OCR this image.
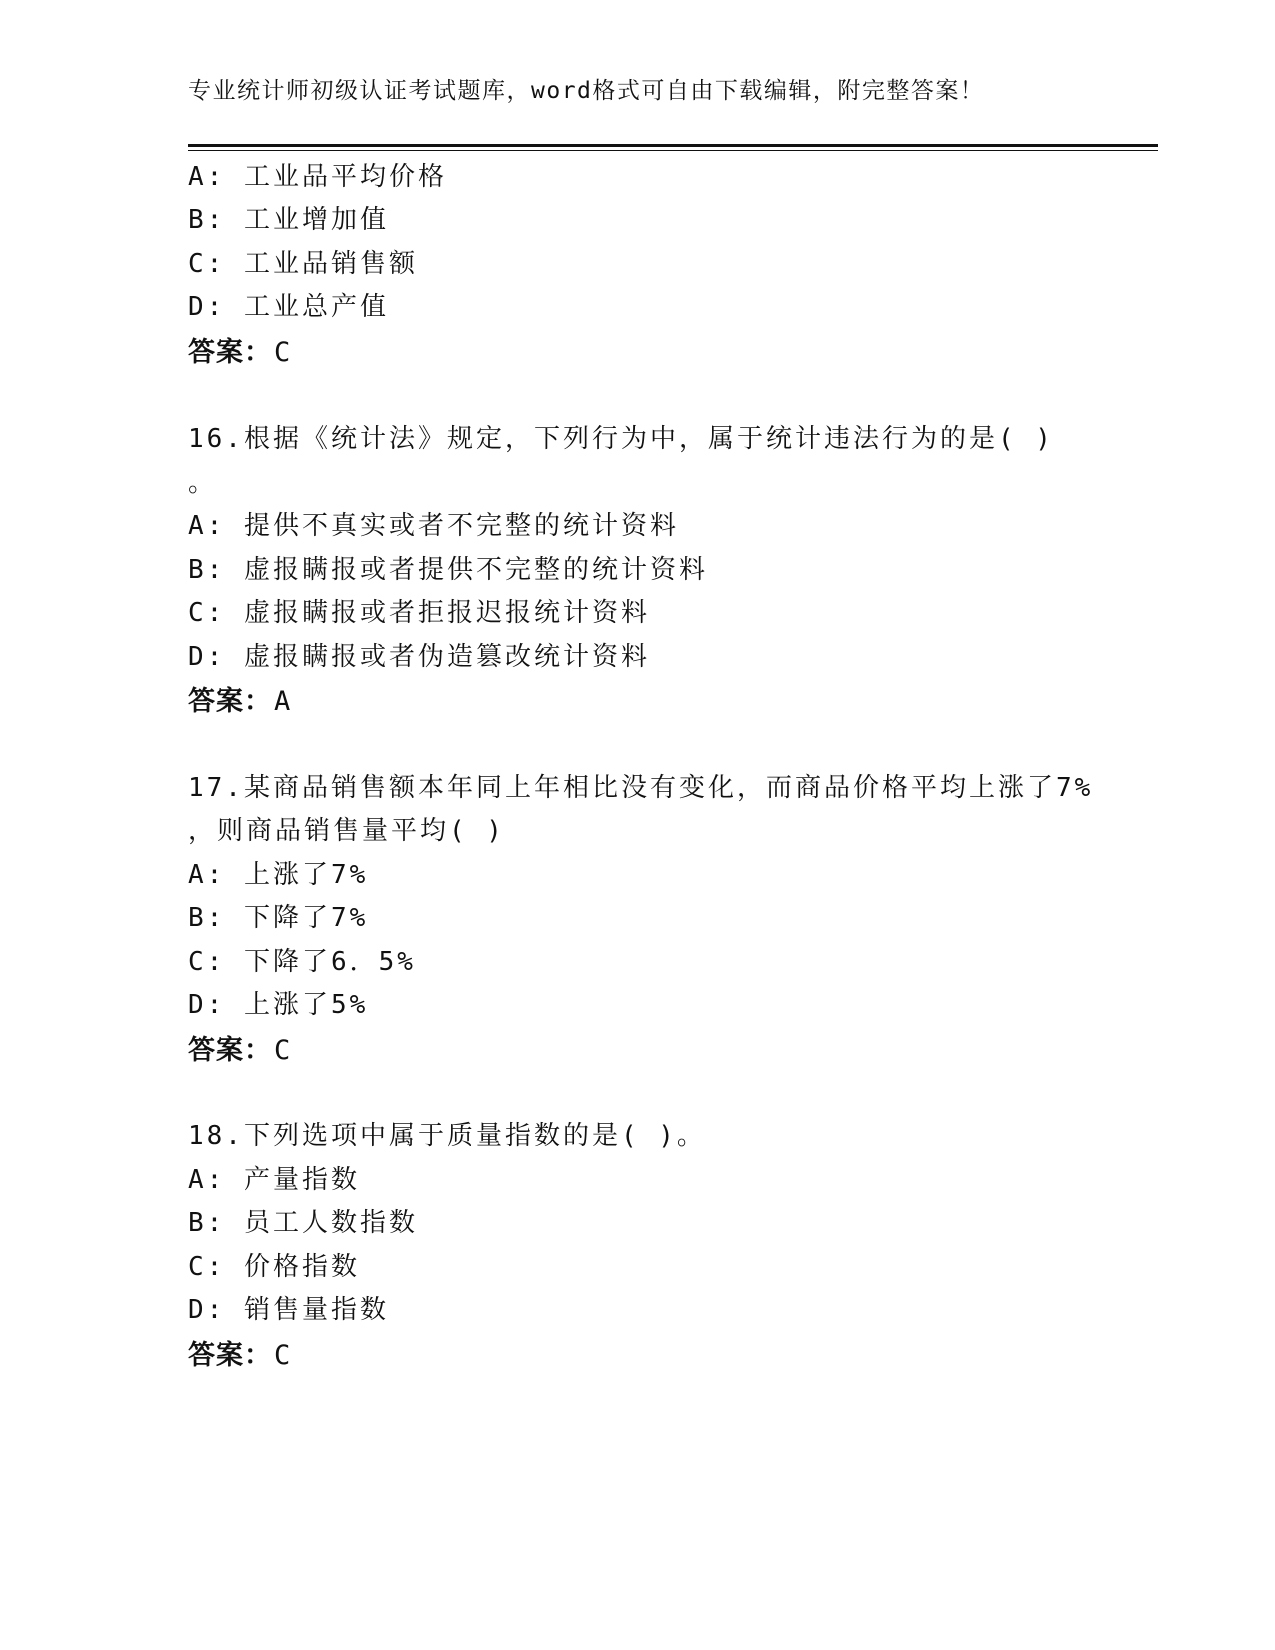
专业统计师初级认证考试题库，word格式可自由下载编辑，附完整答案！
A: 工业品平均价格
B: 工业增加值
C: 工业品销售额
D: 工业总产值
答案：C
16.根据《统计法》规定，下列行为中，属于统计违法行为的是( )
。
A: 提供不真实或者不完整的统计资料
B: 虚报瞒报或者提供不完整的统计资料
C: 虚报瞒报或者拒报迟报统计资料
D: 虚报瞒报或者伪造篡改统计资料
答案：A
17.某商品销售额本年同上年相比没有变化，而商品价格平均上涨了7%
，则商品销售量平均( )
A: 上涨了7%
B: 下降了7%
C: 下降了6．5%
D: 上涨了5%
答案：C
18.下列选项中属于质量指数的是( )。
A: 产量指数
B: 员工人数指数
C: 价格指数
D: 销售量指数
答案：C
